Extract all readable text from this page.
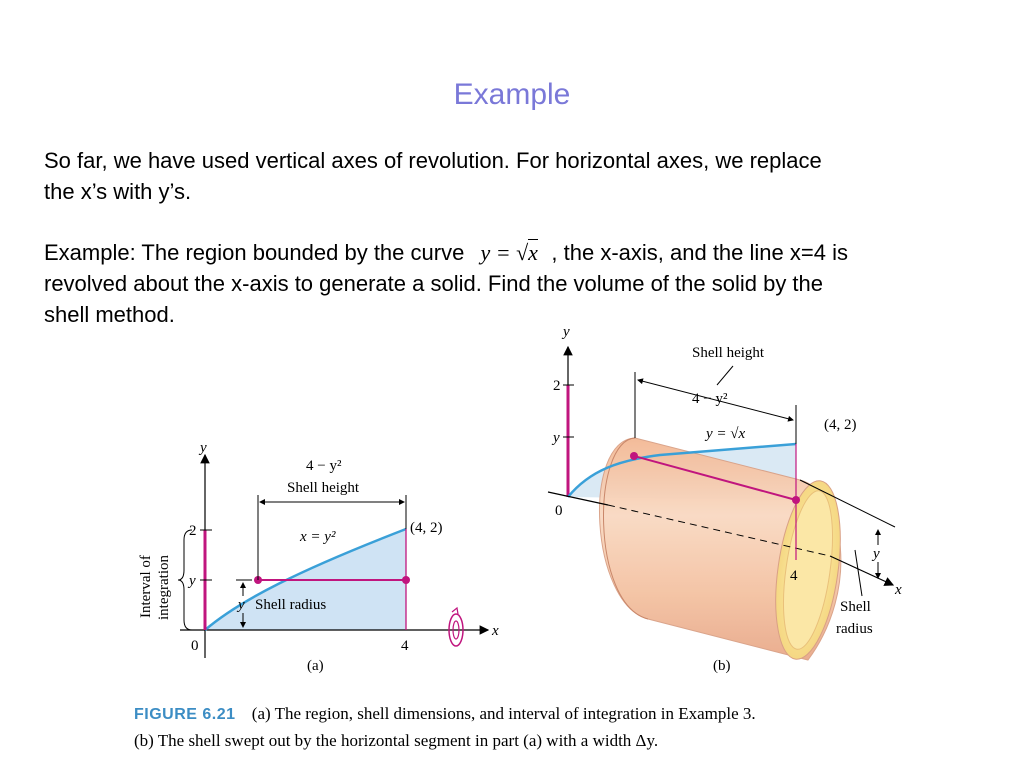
Example
So far, we have used vertical axes of revolution. For horizontal axes, we replace
the x’s with y’s.
Example: The region bounded by the curve y = √x , the x-axis, and the line x=4 is
revolved about the x-axis to generate a solid. Find the volume of the solid by the
shell method.
y
x
2
y
0	4
4 − y²
Shell height
x = y²
(4, 2)
y Shell radius
Interval of integration
(a)
y
x
2
y
0
4
Shell height
4 − y²
y = √x
(4, 2)
y
Shell
radius
(b)
FIGURE 6.21 (a) The region, shell dimensions, and interval of integration in Example 3.
(b) The shell swept out by the horizontal segment in part (a) with a width Δy.
